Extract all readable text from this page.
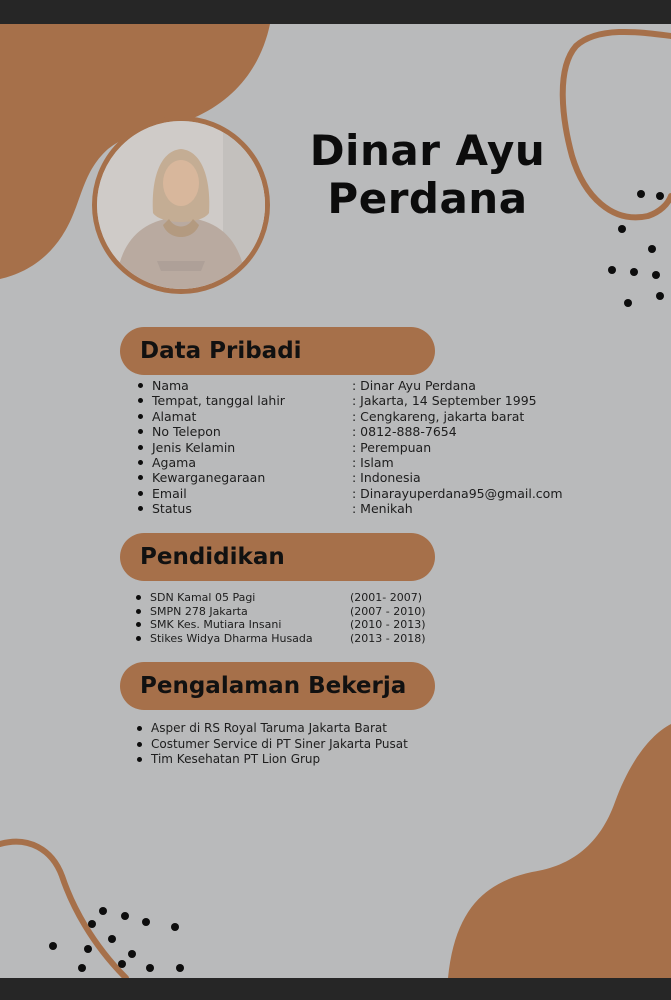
Dinar Ayu
Perdana
Data Pribadi
Nama	: Dinar Ayu Perdana
Tempat, tanggal lahir	: Jakarta, 14 September 1995
Alamat	: Cengkareng, jakarta barat
No Telepon	: 0812-888-7654
Jenis Kelamin	: Perempuan
Agama	: Islam
Kewarganegaraan	: Indonesia
Email	: Dinarayuperdana95@gmail.com
Status	: Menikah
Pendidikan
SDN Kamal 05 Pagi	(2001- 2007)
SMPN 278 Jakarta	(2007 - 2010)
SMK Kes. Mutiara Insani	(2010 - 2013)
Stikes Widya Dharma Husada	(2013 - 2018)
Pengalaman Bekerja
Asper di RS Royal Taruma Jakarta Barat
Costumer Service di PT Siner Jakarta Pusat
Tim Kesehatan PT Lion Grup
